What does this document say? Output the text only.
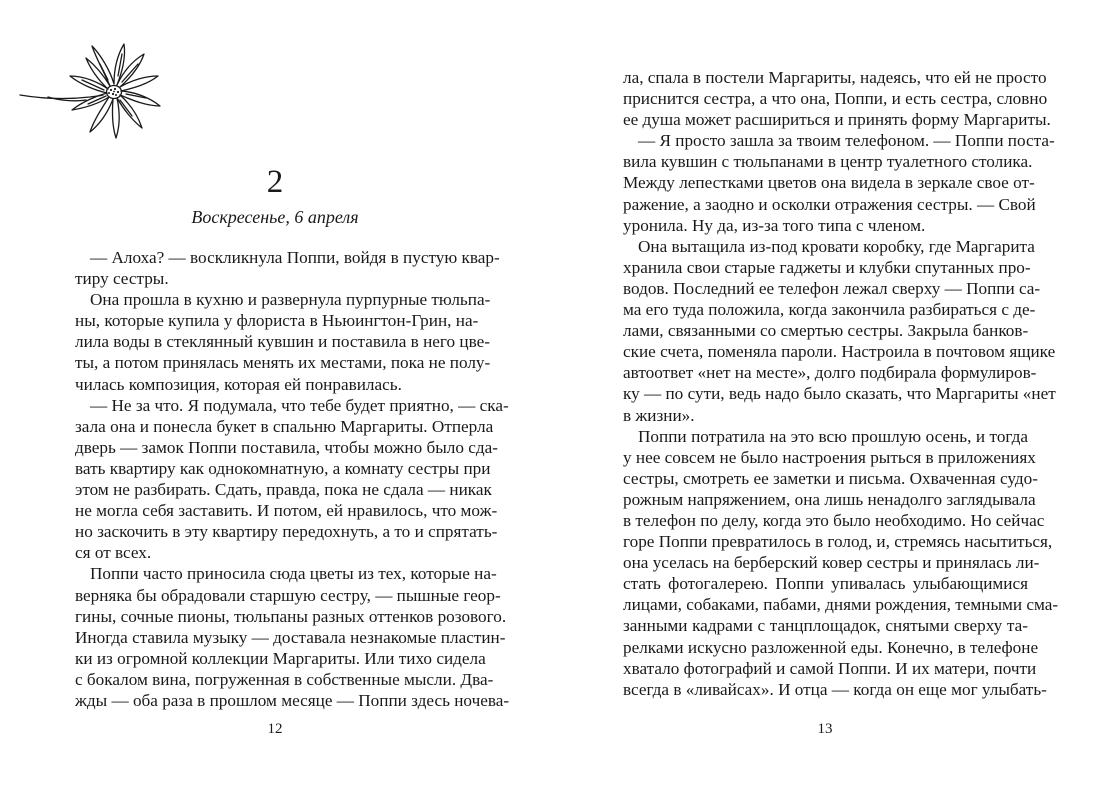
2
Воскресенье, 6 апреля
— Алоха? — воскликнула Поппи, войдя в пустую квар-
тиру сестры.
Она прошла в кухню и развернула пурпурные тюльпа-
ны, которые купила у флориста в Ньюингтон-Грин, на-
лила воды в стеклянный кувшин и поставила в него цве-
ты, а потом принялась менять их местами, пока не полу-
чилась композиция, которая ей понравилась.
— Не за что. Я подумала, что тебе будет приятно, — ска-
зала она и понесла букет в спальню Маргариты. Отперла
дверь — замок Поппи поставила, чтобы можно было сда-
вать квартиру как однокомнатную, а комнату сестры при
этом не разбирать. Сдать, правда, пока не сдала — никак
не могла себя заставить. И потом, ей нравилось, что мож-
но заскочить в эту квартиру передохнуть, а то и спрятать-
ся от всех.
Поппи часто приносила сюда цветы из тех, которые на-
верняка бы обрадовали старшую сестру, — пышные геор-
гины, сочные пионы, тюльпаны разных оттенков розового.
Иногда ставила музыку — доставала незнакомые пластин-
ки из огромной коллекции Маргариты. Или тихо сидела
с бокалом вина, погруженная в собственные мысли. Два-
жды — оба раза в прошлом месяце — Поппи здесь ночева-
12
ла, спала в постели Маргариты, надеясь, что ей не просто
приснится сестра, а что она, Поппи, и есть сестра, словно
ее душа может расшириться и принять форму Маргариты.
— Я просто зашла за твоим телефоном. — Поппи поста-
вила кувшин с тюльпанами в центр туалетного столика.
Между лепестками цветов она видела в зеркале свое от-
ражение, а заодно и осколки отражения сестры. — Свой
уронила. Ну да, из-за того типа с членом.
Она вытащила из-под кровати коробку, где Маргарита
хранила свои старые гаджеты и клубки спутанных про-
водов. Последний ее телефон лежал сверху — Поппи са-
ма его туда положила, когда закончила разбираться с де-
лами, связанными со смертью сестры. Закрыла банков-
ские счета, поменяла пароли. Настроила в почтовом ящике
автоответ «нет на месте», долго подбирала формулиров-
ку — по сути, ведь надо было сказать, что Маргариты «нет
в жизни».
Поппи потратила на это всю прошлую осень, и тогда
у нее совсем не было настроения рыться в приложениях
сестры, смотреть ее заметки и письма. Охваченная судо-
рожным напряжением, она лишь ненадолго заглядывала
в телефон по делу, когда это было необходимо. Но сейчас
горе Поппи превратилось в голод, и, стремясь насытиться,
она уселась на берберский ковер сестры и принялась ли-
стать фотогалерею. Поппи упивалась улыбающимися
лицами, собаками, пабами, днями рождения, темными сма-
занными кадрами с танцплощадок, снятыми сверху та-
релками искусно разложенной еды. Конечно, в телефоне
хватало фотографий и самой Поппи. И их матери, почти
всегда в «ливайсах». И отца — когда он еще мог улыбать-
13
